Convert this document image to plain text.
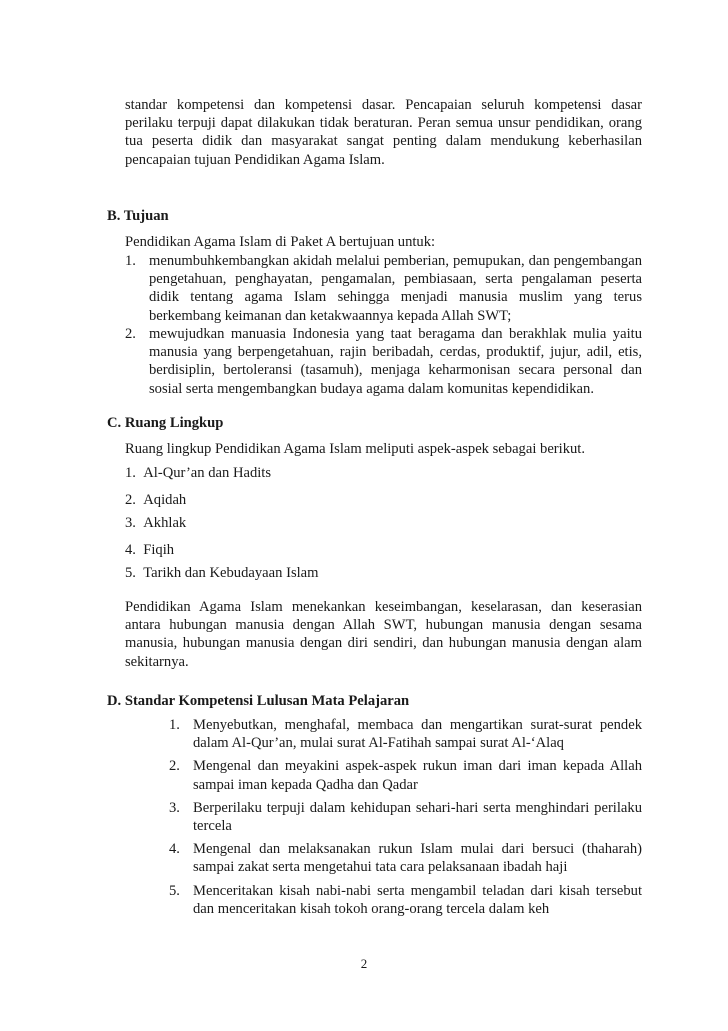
standar kompetensi dan kompetensi dasar. Pencapaian seluruh kompetensi dasar perilaku terpuji dapat dilakukan tidak beraturan. Peran semua unsur pendidikan, orang tua peserta didik dan masyarakat sangat penting dalam mendukung keberhasilan pencapaian tujuan Pendidikan Agama Islam.

B. Tujuan

Pendidikan Agama Islam di Paket A bertujuan untuk:

1. menumbuhkembangkan akidah melalui pemberian, pemupukan, dan pengembangan pengetahuan, penghayatan, pengamalan, pembiasaan, serta pengalaman peserta didik tentang agama Islam sehingga menjadi manusia muslim yang terus berkembang keimanan dan ketakwaannya kepada Allah SWT;
2. mewujudkan manuasia Indonesia yang taat beragama dan berakhlak mulia yaitu manusia yang berpengetahuan, rajin beribadah, cerdas, produktif, jujur, adil, etis, berdisiplin, bertoleransi (tasamuh), menjaga keharmonisan secara personal dan sosial serta mengembangkan budaya agama dalam komunitas kependidikan.

C. Ruang Lingkup

Ruang lingkup Pendidikan Agama Islam meliputi aspek-aspek sebagai berikut.

1. Al-Qur’an dan Hadits

2. Aqidah

3. Akhlak

4. Fiqih

5. Tarikh dan Kebudayaan Islam

Pendidikan Agama Islam menekankan keseimbangan, keselarasan, dan keserasian antara hubungan manusia dengan Allah SWT, hubungan manusia dengan sesama manusia, hubungan manusia dengan diri sendiri, dan hubungan manusia dengan alam sekitarnya.

D. Standar Kompetensi Lulusan Mata Pelajaran

1. Menyebutkan, menghafal, membaca dan mengartikan surat-surat pendek dalam Al-Qur’an, mulai surat Al-Fatihah sampai surat Al-‘Alaq
2. Mengenal dan meyakini aspek-aspek rukun iman dari iman kepada Allah sampai iman kepada Qadha dan Qadar
3. Berperilaku terpuji dalam kehidupan sehari-hari serta menghindari perilaku tercela
4. Mengenal dan melaksanakan rukun Islam mulai dari bersuci (thaharah) sampai zakat serta mengetahui tata cara pelaksanaan ibadah haji
5. Menceritakan kisah nabi-nabi serta mengambil teladan dari kisah tersebut dan menceritakan kisah tokoh orang-orang tercela dalam keh
2
